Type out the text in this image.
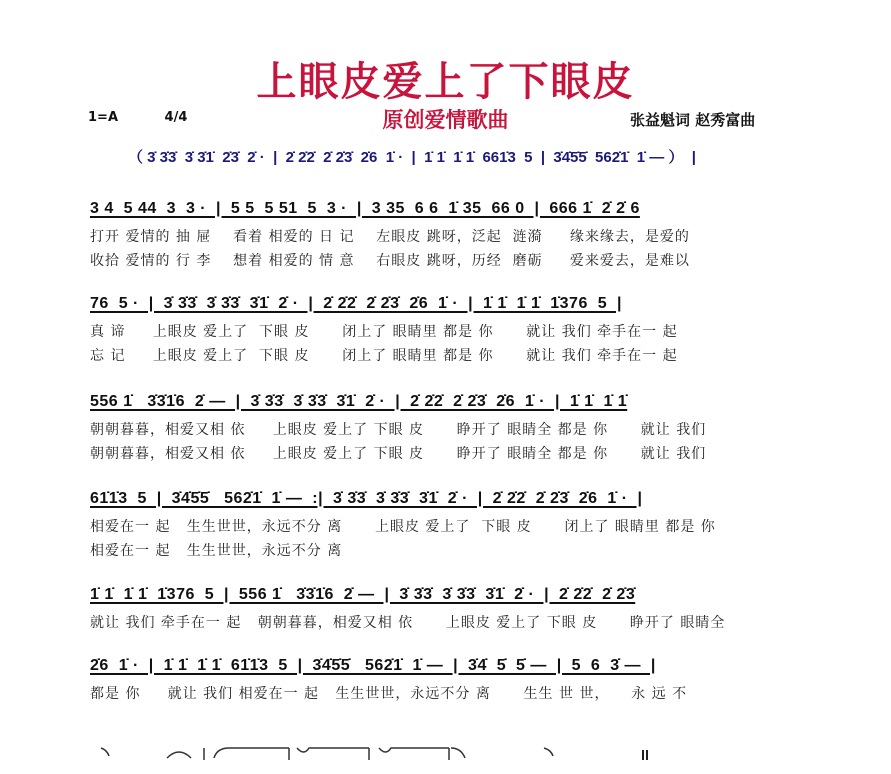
上眼皮爱上了下眼皮
原创爱情歌曲
1=A	4/4	张益魁词 赵秀富曲
（ 3̇ 3̇3̇  3̇ 3̇1̇  2̇3̇  2̇ ·  |  2̇ 2̇2̇  2̇ 2̇3̇  2̇6  1̇ ·  |  1̇ 1̇  1̇ 1̇  661̇3  5  |  3̇4̇5̇5̇  562̇1̇  1̇ — ）  |
3 4  5 44  3  3 ·  |  5 5  5 51  5  3 ·  |  3 35  6 6  1̇ 35  66 0  |  666 1̇  2̇ 2̇ 6
打开 爱情的 抽 屉    看着 相爱的 日 记    左眼皮 跳呀，泛起  涟漪     缘来缘去，是爱的
收拾 爱情的 行 李    想着 相爱的 情 意    右眼皮 跳呀，历经  磨砺     爱来爱去，是难以
76  5 ·  |  3̇ 3̇3̇  3̇ 3̇3̇  3̇1̇  2̇ ·  |  2̇ 2̇2̇  2̇ 2̇3̇  2̇6  1̇ ·  |  1̇ 1̇  1̇ 1̇  1̇376  5  |
真 谛     上眼皮 爱上了  下眼 皮      闭上了 眼睛里 都是 你      就让 我们 牵手在一 起
忘 记     上眼皮 爱上了  下眼 皮      闭上了 眼睛里 都是 你      就让 我们 牵手在一 起
556 1̇   3̇3̇1̇6  2̇ —  |  3̇ 3̇3̇  3̇ 3̇3̇  3̇1̇  2̇ ·  |  2̇ 2̇2̇  2̇ 2̇3̇  2̇6  1̇ ·  |  1̇ 1̇  1̇ 1̇
朝朝暮暮，相爱又相 依     上眼皮 爱上了 下眼 皮      睁开了 眼睛全 都是 你      就让 我们
朝朝暮暮，相爱又相 依     上眼皮 爱上了 下眼 皮      睁开了 眼睛全 都是 你      就让 我们
61̇1̇3  5  |  3̇4̇5̇5̇   562̇1̇  1̇ —  :|  3̇ 3̇3̇  3̇ 3̇3̇  3̇1̇  2̇ ·  |  2̇ 2̇2̇  2̇ 2̇3̇  2̇6  1̇ ·  |
相爱在一 起   生生世世，永远不分 离      上眼皮 爱上了  下眼 皮      闭上了 眼睛里 都是 你
相爱在一 起   生生世世，永远不分 离
1̇ 1̇  1̇ 1̇  1̇376  5  |  556 1̇   3̇3̇1̇6  2̇ —  |  3̇ 3̇3̇  3̇ 3̇3̇  3̇1̇  2̇ ·  |  2̇ 2̇2̇  2̇ 2̇3̇
就让 我们 牵手在一 起   朝朝暮暮，相爱又相 依      上眼皮 爱上了 下眼 皮      睁开了 眼睛全
2̇6  1̇ ·  |  1̇ 1̇  1̇ 1̇  61̇1̇3  5  |  3̇4̇5̇5̇   562̇1̇  1̇ —  |  3̇4̇  5̇  5̇ —  |  5  6  3̇ —  |
都是 你     就让 我们 相爱在一 起   生生世世，永远不分 离      生生 世 世，    永 远 不
